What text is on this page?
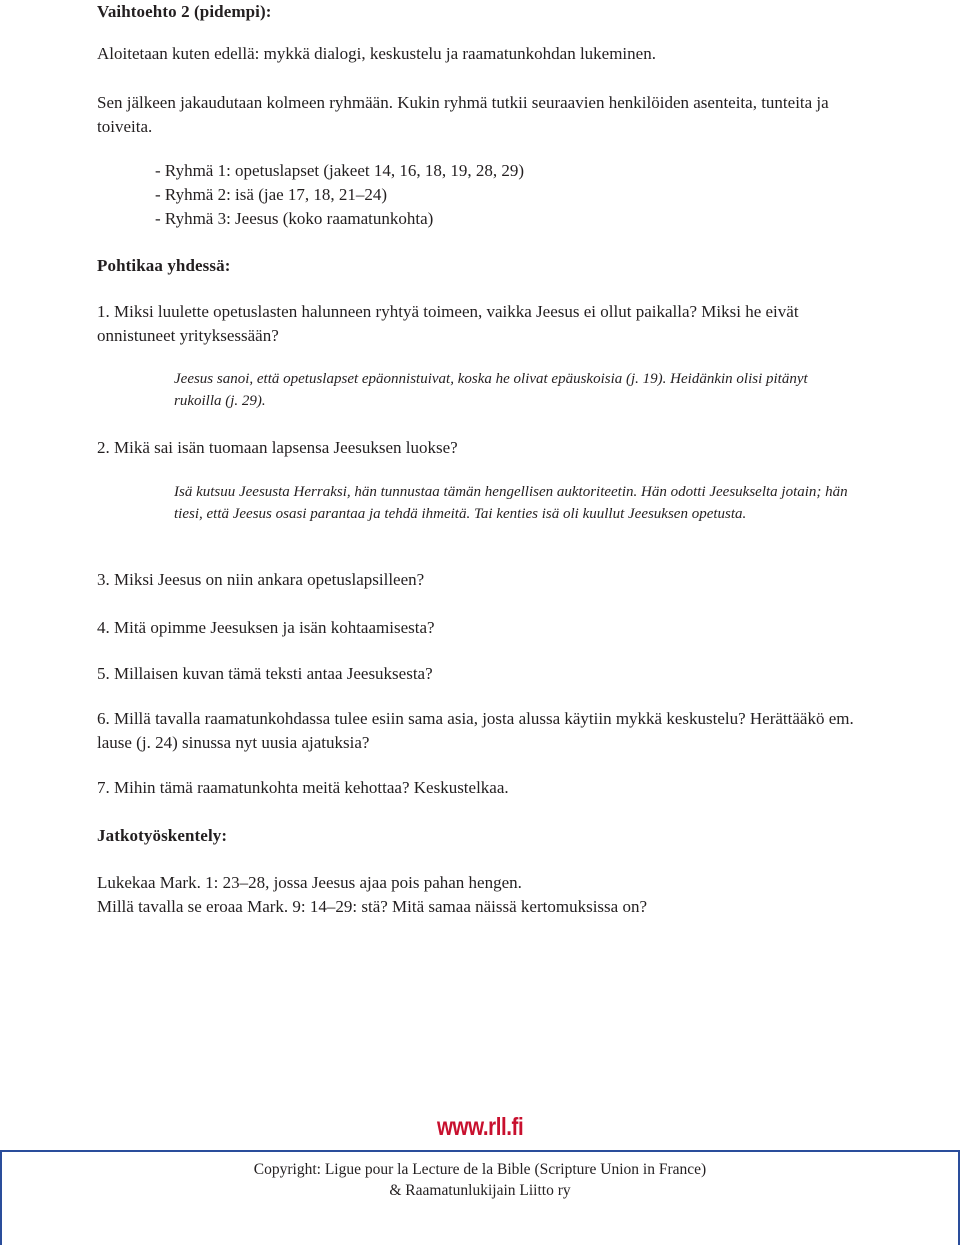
Vaihtoehto 2 (pidempi):
Aloitetaan kuten edellä: mykkä dialogi, keskustelu ja raamatunkohdan lukeminen.
Sen jälkeen jakaudutaan kolmeen ryhmään. Kukin ryhmä tutkii seuraavien henkilöiden asenteita, tunteita ja toiveita.
- Ryhmä 1: opetuslapset (jakeet 14, 16, 18, 19, 28, 29)
- Ryhmä 2: isä (jae 17, 18, 21–24)
- Ryhmä 3: Jeesus (koko raamatunkohta)
Pohtikaa yhdessä:
1. Miksi luulette opetuslasten halunneen ryhtyä toimeen, vaikka Jeesus ei ollut paikalla? Miksi he eivät onnistuneet yrityksessään?
Jeesus sanoi, että opetuslapset epäonnistuivat, koska he olivat epäuskoisia (j. 19). Heidänkin olisi pitänyt rukoilla (j. 29).
2. Mikä sai isän tuomaan lapsensa Jeesuksen luokse?
Isä kutsuu Jeesusta Herraksi, hän tunnustaa tämän hengellisen auktoriteetin. Hän odotti Jeesukselta jotain; hän tiesi, että Jeesus osasi parantaa ja tehdä ihmeitä. Tai kenties isä oli kuullut Jeesuksen opetusta.
3. Miksi Jeesus on niin ankara opetuslapsilleen?
4. Mitä opimme Jeesuksen ja isän kohtaamisesta?
5. Millaisen kuvan tämä teksti antaa Jeesuksesta?
6. Millä tavalla raamatunkohdassa tulee esiin sama asia, josta alussa käytiin mykkä keskustelu? Herättääkö em. lause (j. 24) sinussa nyt uusia ajatuksia?
7. Mihin tämä raamatunkohta meitä kehottaa? Keskustelkaa.
Jatkotyöskentely:
Lukekaa Mark. 1: 23–28, jossa Jeesus ajaa pois pahan hengen.
Millä tavalla se eroaa Mark. 9: 14–29: stä? Mitä samaa näissä kertomuksissa on?
www.rll.fi
Copyright: Ligue pour la Lecture de la Bible (Scripture Union in France)
& Raamatunlukijain Liitto ry
